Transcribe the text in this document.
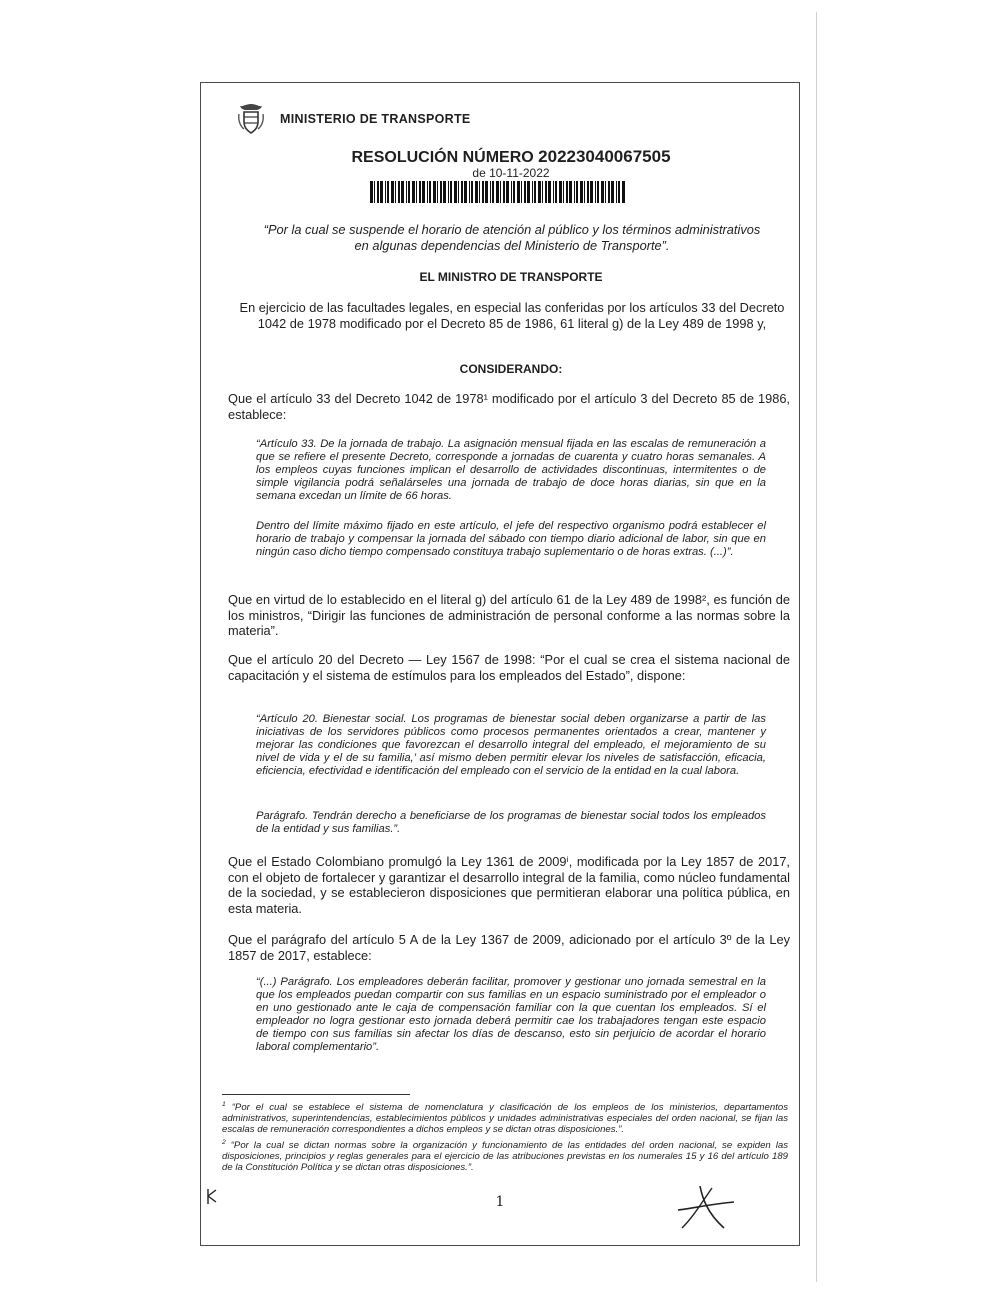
MINISTERIO DE TRANSPORTE
RESOLUCIÓN NÚMERO 20223040067505
de 10-11-2022
“Por la cual se suspende el horario de atención al público y los términos administrativos en algunas dependencias del Ministerio de Transporte”.
EL MINISTRO DE TRANSPORTE
En ejercicio de las facultades legales, en especial las conferidas por los artículos 33 del Decreto 1042 de 1978 modificado por el Decreto 85 de 1986, 61 literal g) de la Ley 489 de 1998 y,
CONSIDERANDO:
Que el artículo 33 del Decreto 1042 de 1978¹ modificado por el artículo 3 del Decreto 85 de 1986, establece:
“Artículo 33. De la jornada de trabajo. La asignación mensual fijada en las escalas de remuneración a que se refiere el presente Decreto, corresponde a jornadas de cuarenta y cuatro horas semanales. A los empleos cuyas funciones implican el desarrollo de actividades discontinuas, intermitentes o de simple vigilancia podrá señalárseles una jornada de trabajo de doce horas diarias, sin que en la semana excedan un límite de 66 horas.
Dentro del límite máximo fijado en este artículo, el jefe del respectivo organismo podrá establecer el horario de trabajo y compensar la jornada del sábado con tiempo diario adicional de labor, sin que en ningún caso dicho tiempo compensado constituya trabajo suplementario o de horas extras. (...)”.
Que en virtud de lo establecido en el literal g) del artículo 61 de la Ley 489 de 1998², es función de los ministros, “Dirigir las funciones de administración de personal conforme a las normas sobre la materia”.
Que el artículo 20 del Decreto — Ley 1567 de 1998: “Por el cual se crea el sistema nacional de capacitación y el sistema de estímulos para los empleados del Estado”, dispone:
“Artículo 20. Bienestar social. Los programas de bienestar social deben organizarse a partir de las iniciativas de los servidores públicos como procesos permanentes orientados a crear, mantener y mejorar las condiciones que favorezcan el desarrollo integral del empleado, el mejoramiento de su nivel de vida y el de su familia,’ así mismo deben permitir elevar los niveles de satisfacción, eficacia, eficiencia, efectividad e identificación del empleado con el servicio de la entidad en la cual labora.
Parágrafo. Tendrán derecho a beneficiarse de los programas de bienestar social todos los empleados de la entidad y sus familias.”.
Que el Estado Colombiano promulgó la Ley 1361 de 2009ⁱ, modificada por la Ley 1857 de 2017, con el objeto de fortalecer y garantizar el desarrollo integral de la familia, como núcleo fundamental de la sociedad, y se establecieron disposiciones que permitieran elaborar una política pública, en esta materia.
Que el parágrafo del artículo 5 A de la Ley 1367 de 2009, adicionado por el artículo 3º de la Ley 1857 de 2017, establece:
“(...) Parágrafo. Los empleadores deberán facilitar, promover y gestionar uno jornada semestral en la que los empleados puedan compartir con sus familias en un espacio suministrado por el empleador o en uno gestionado ante le caja de compensación familiar con la que cuentan los empleados. Sí el empleador no logra gestionar esto jornada deberá permitir cae los trabajadores tengan este espacio de tiempo con sus familias sin afectar los días de descanso, esto sin perjuicio de acordar el horario laboral complementario”.

$^1$ “Por el cual se establece el sistema de nomenclatura y clasificación de los empleos de los ministerios, departamentos administrativos, superintendencias, establecimientos públicos y unidades administrativas especiales del orden nacional, se fijan las escalas de remuneración correspondientes a dichos empleos y se dictan otras disposiciones.”.

$^2$ “Por la cual se dictan normas sobre la organización y funcionamiento de las entidades del orden nacional, se expiden las disposiciones, principios y reglas generales para el ejercicio de las atribuciones previstas en los numerales 15 y 16 del artículo 189 de la Constitución Política y se dictan otras disposiciones.”.

1
